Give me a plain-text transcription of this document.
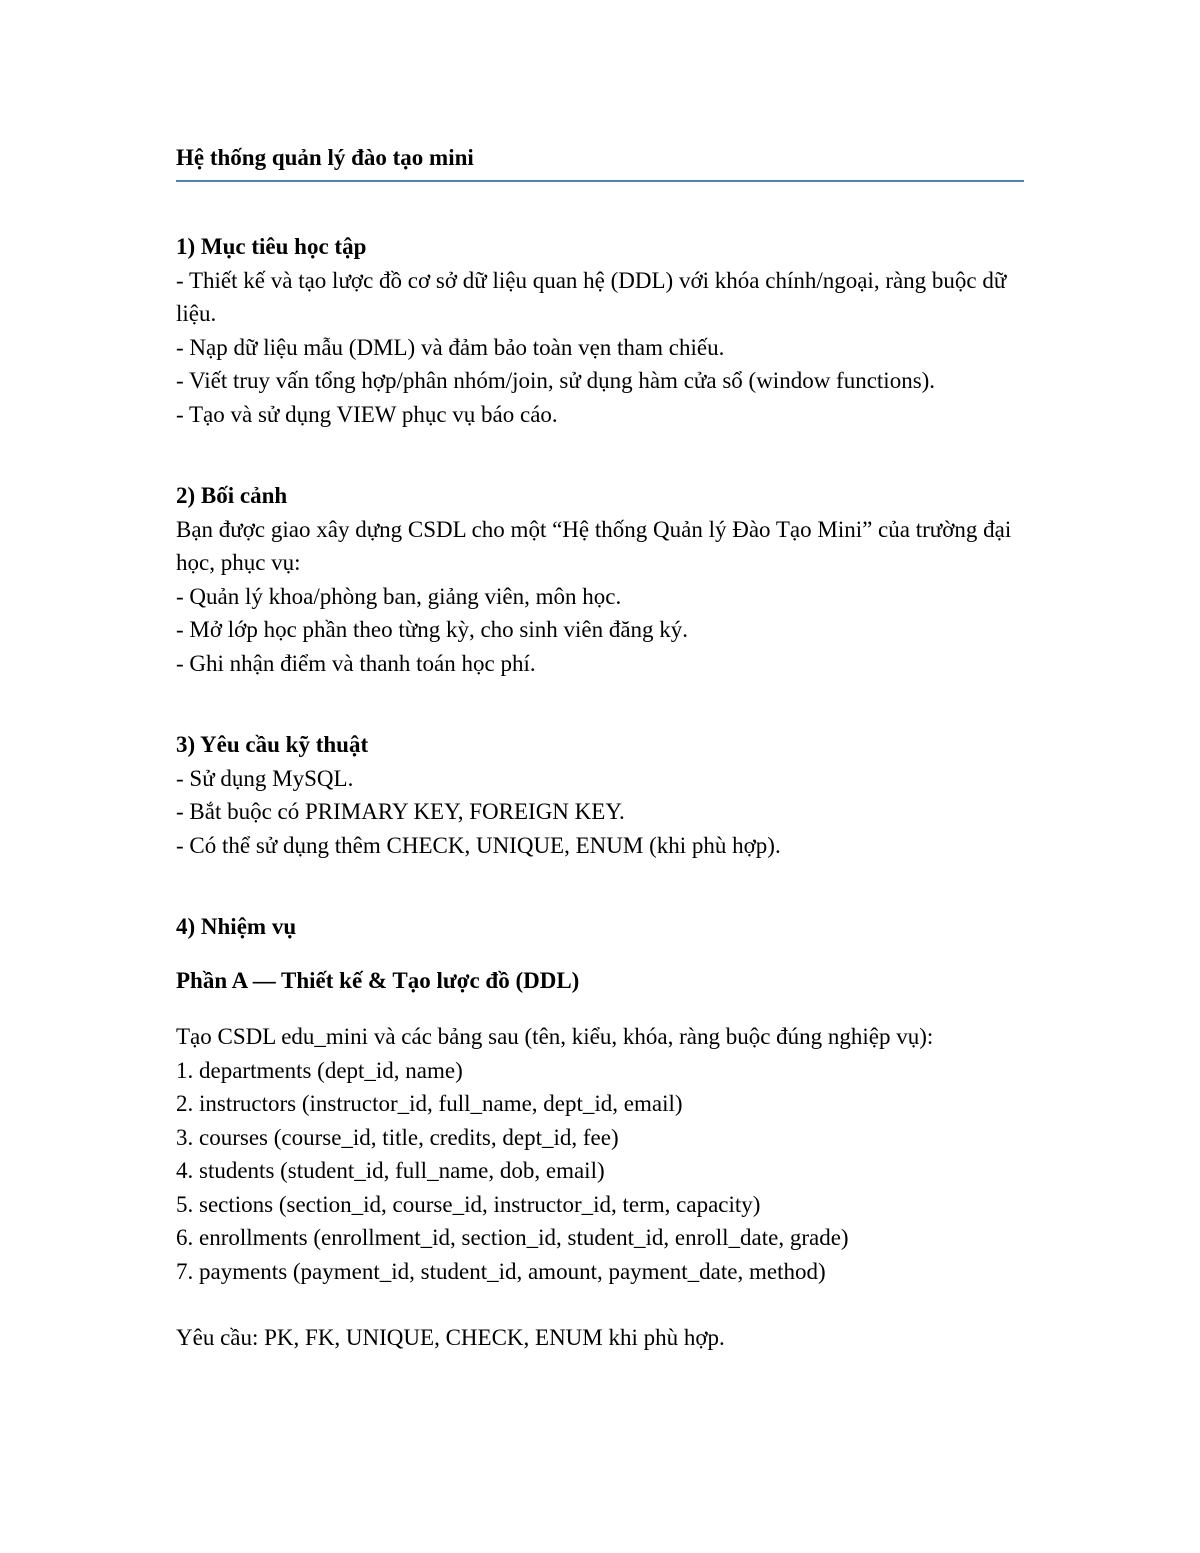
Hệ thống quản lý đào tạo mini

1) Mục tiêu học tập

- Thiết kế và tạo lược đồ cơ sở dữ liệu quan hệ (DDL) với khóa chính/ngoại, ràng buộc dữ liệu.

- Nạp dữ liệu mẫu (DML) và đảm bảo toàn vẹn tham chiếu.

- Viết truy vấn tổng hợp/phân nhóm/join, sử dụng hàm cửa sổ (window functions).

- Tạo và sử dụng VIEW phục vụ báo cáo.

2) Bối cảnh

Bạn được giao xây dựng CSDL cho một “Hệ thống Quản lý Đào Tạo Mini” của trường đại học, phục vụ:

- Quản lý khoa/phòng ban, giảng viên, môn học.

- Mở lớp học phần theo từng kỳ, cho sinh viên đăng ký.

- Ghi nhận điểm và thanh toán học phí.

3) Yêu cầu kỹ thuật

- Sử dụng MySQL.

- Bắt buộc có PRIMARY KEY, FOREIGN KEY.

- Có thể sử dụng thêm CHECK, UNIQUE, ENUM (khi phù hợp).

4) Nhiệm vụ

Phần A — Thiết kế & Tạo lược đồ (DDL)

Tạo CSDL edu_mini và các bảng sau (tên, kiểu, khóa, ràng buộc đúng nghiệp vụ):

1. departments (dept_id, name)

2. instructors (instructor_id, full_name, dept_id, email)

3. courses (course_id, title, credits, dept_id, fee)

4. students (student_id, full_name, dob, email)

5. sections (section_id, course_id, instructor_id, term, capacity)

6. enrollments (enrollment_id, section_id, student_id, enroll_date, grade)

7. payments (payment_id, student_id, amount, payment_date, method)

Yêu cầu: PK, FK, UNIQUE, CHECK, ENUM khi phù hợp.
